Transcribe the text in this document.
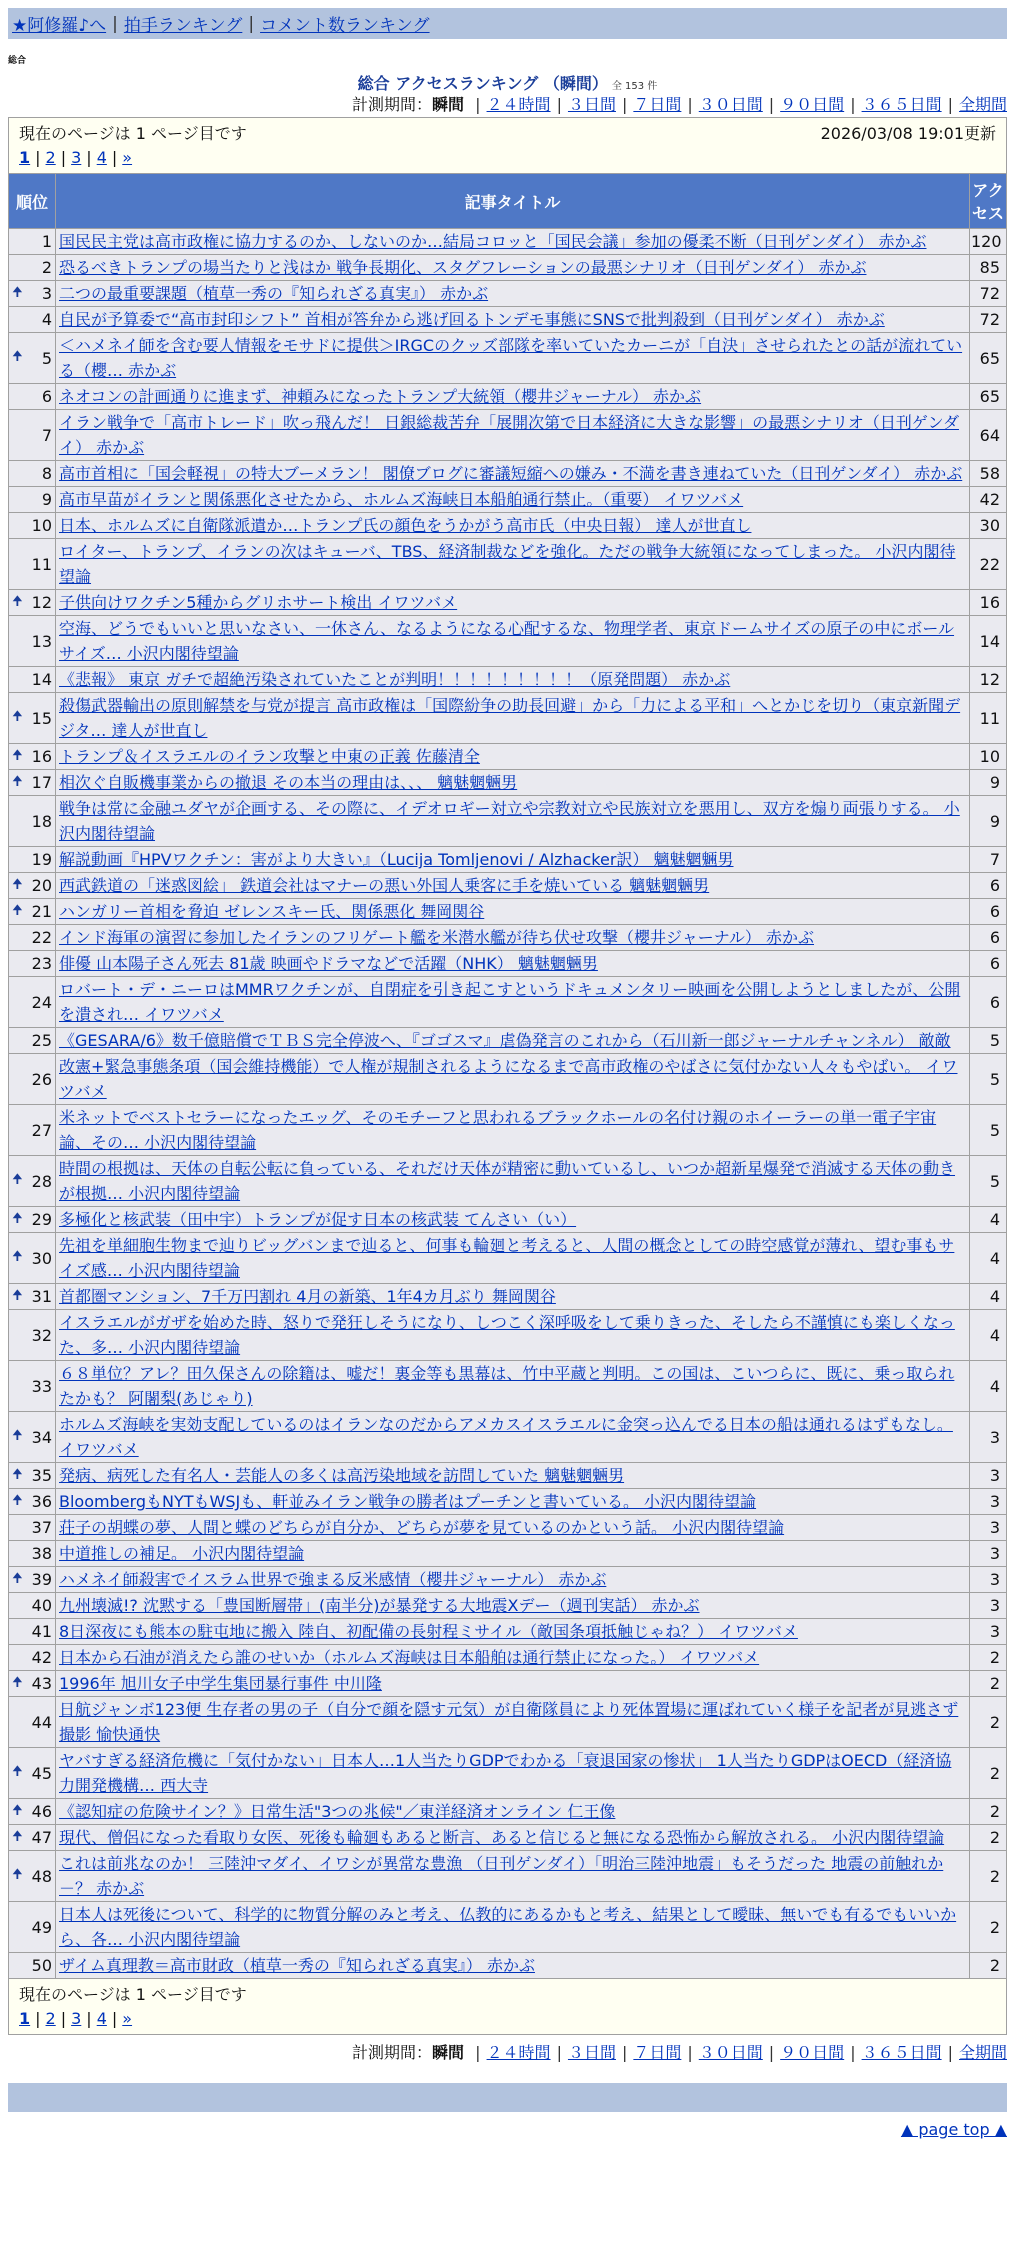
★阿修羅♪へ | 拍手ランキング | コメント数ランキング
総合
総合 アクセスランキング （瞬間） 全 153 件
計測期間：瞬間 | ２４時間 | ３日間 | ７日間 | ３０日間 | ９０日間 | ３６５日間 | 全期間
現在のページは 1 ページ目です 2026/03/08 19:01更新
1 | 2 | 3 | 4 | »		

順位	記事タイトル	アクセス
1	国民民主党は高市政権に協力するのか、しないのか…結局コロッと「国民会議」参加の優柔不断（日刊ゲンダイ） 赤かぶ	120
2	恐るべきトランプの場当たりと浅はか 戦争長期化、スタグフレーションの最悪シナリオ（日刊ゲンダイ） 赤かぶ	85

🠉 3	二つの最重要課題（植草一秀の『知られざる真実』） 赤かぶ	72
4	自民が予算委で“高市封印シフト” 首相が答弁から逃げ回るトンデモ事態にSNSで批判殺到（日刊ゲンダイ） 赤かぶ	72

🠉 5	＜ハメネイ師を含む要人情報をモサドに提供＞IRGCのクッズ部隊を率いていたカーニが「自決」させられたとの話が流れている（櫻… 赤かぶ	65
6	ネオコンの計画通りに進まず、神頼みになったトランプ大統領（櫻井ジャーナル） 赤かぶ	65
7	イラン戦争で「高市トレード」吹っ飛んだ！ 日銀総裁苦弁「展開次第で日本経済に大きな影響」の最悪シナリオ（日刊ゲンダイ） 赤かぶ	64
8	高市首相に「国会軽視」の特大ブーメラン！ 閣僚ブログに審議短縮への嫌み・不満を書き連ねていた（日刊ゲンダイ） 赤かぶ	58
9	高市早苗がイランと関係悪化させたから、ホルムズ海峡日本船舶通行禁止。（重要） イワツバメ	42
10	日本、ホルムズに自衛隊派遣か…トランプ氏の顔色をうかがう高市氏（中央日報） 達人が世直し	30
11	ロイター、トランプ、イランの次はキューバ、TBS、経済制裁などを強化。ただの戦争大統領になってしまった。 小沢内閣待望論	22

🠉 12	子供向けワクチン5種からグリホサート検出 イワツバメ	16
13	空海、どうでもいいと思いなさい、一休さん、なるようになる心配するな、物理学者、東京ドームサイズの原子の中にボールサイズ… 小沢内閣待望論	14
14	《悲報》 東京 ガチで超絶汚染されていたことが判明！！！！！！！！！（原発問題） 赤かぶ	12

🠉 15	殺傷武器輸出の原則解禁を与党が提言 高市政権は「国際紛争の助長回避」から「力による平和」へとかじを切り（東京新聞デジタ… 達人が世直し	11

🠉 16	トランプ＆イスラエルのイラン攻撃と中東の正義 佐藤清全	10

🠉 17	相次ぐ自販機事業からの撤退 その本当の理由は、、、 魑魅魍魎男	9
18	戦争は常に金融ユダヤが企画する、その際に、イデオロギー対立や宗教対立や民族対立を悪用し、双方を煽り両張りする。 小沢内閣待望論	9
19	解説動画『HPVワクチン：害がより大きい』（Lucija Tomljenovi / Alzhacker訳） 魑魅魍魎男	7

🠉 20	西武鉄道の「迷惑図絵」 鉄道会社はマナーの悪い外国人乗客に手を焼いている 魑魅魍魎男	6

🠉 21	ハンガリー首相を脅迫 ゼレンスキー氏、関係悪化 舞岡関谷	6
22	インド海軍の演習に参加したイランのフリゲート艦を米潜水艦が待ち伏せ攻撃（櫻井ジャーナル） 赤かぶ	6
23	俳優 山本陽子さん死去 81歳 映画やドラマなどで活躍（NHK） 魑魅魍魎男	6
24	ロバート・デ・ニーロはMMRワクチンが、自閉症を引き起こすというドキュメンタリー映画を公開しようとしましたが、公開を潰され… イワツバメ	6
25	《GESARA/6》数千億賠償でＴＢＳ完全停波へ、『ゴゴスマ』虐偽発言のこれから（石川新一郎ジャーナルチャンネル） 敵敵	5
26	改憲+緊急事態条項（国会維持機能）で人権が規制されるようになるまで高市政権のやばさに気付かない人々もやばい。 イワツバメ	5
27	米ネットでベストセラーになったエッグ、そのモチーフと思われるブラックホールの名付け親のホイーラーの単一電子宇宙論、その… 小沢内閣待望論	5

🠉 28	時間の根拠は、天体の自転公転に負っている、それだけ天体が精密に動いているし、いつか超新星爆発で消滅する天体の動きが根拠… 小沢内閣待望論	5

🠉 29	多極化と核武装（田中宇）トランプが促す日本の核武装 てんさい（い）	4

🠉 30	先祖を単細胞生物まで辿りビッグバンまで辿ると、何事も輪廻と考えると、人間の概念としての時空感覚が薄れ、望む事もサイズ感… 小沢内閣待望論	4

🠉 31	首都圏マンション、7千万円割れ 4月の新築、1年4カ月ぶり 舞岡関谷	4
32	イスラエルがガザを始めた時、怒りで発狂しそうになり、しつこく深呼吸をして乗りきった、そしたら不謹慎にも楽しくなった、多… 小沢内閣待望論	4
33	６８単位？アレ？田久保さんの除籍は、嘘だ！裏金等も黒幕は、竹中平蔵と判明。この国は、こいつらに、既に、乗っ取られたかも？ 阿闍梨(あじゃり)	4

🠉 34	ホルムズ海峡を実効支配しているのはイランなのだからアメカスイスラエルに金突っ込んでる日本の船は通れるはずもなし。 イワツバメ	3

🠉 35	発病、病死した有名人・芸能人の多くは高汚染地域を訪問していた 魑魅魍魎男	3

🠉 36	BloombergもNYTもWSJも、軒並みイラン戦争の勝者はプーチンと書いている。 小沢内閣待望論	3
37	荘子の胡蝶の夢、人間と蝶のどちらが自分か、どちらが夢を見ているのかという話。 小沢内閣待望論	3
38	中道推しの補足。 小沢内閣待望論	3

🠉 39	ハメネイ師殺害でイスラム世界で強まる反米感情（櫻井ジャーナル） 赤かぶ	3
40	九州壊滅!? 沈黙する「豊国断層帯」(南半分)が暴発する大地震Xデー（週刊実話） 赤かぶ	3
41	8日深夜にも熊本の駐屯地に搬入 陸自、初配備の長射程ミサイル（敵国条項抵触じゃね？） イワツバメ	3
42	日本から石油が消えたら誰のせいか（ホルムズ海峡は日本船舶は通行禁止になった。） イワツバメ	2

🠉 43	1996年 旭川女子中学生集団暴行事件 中川隆	2
44	日航ジャンボ123便 生存者の男の子（自分で顔を隠す元気）が自衛隊員により死体置場に運ばれていく様子を記者が見逃さず撮影 愉快通快	2

🠉 45	ヤバすぎる経済危機に「気付かない」日本人…1人当たりGDPでわかる「衰退国家の惨状」 1人当たりGDPはOECD（経済協力開発機構… 西大寺	2

🠉 46	《認知症の危険サイン？》日常生活"3つの兆候"／東洋経済オンライン 仁王像	2

🠉 47	現代、僧侶になった看取り女医、死後も輪廻もあると断言、あると信じると無になる恐怖から解放される。 小沢内閣待望論	2

🠉 48	これは前兆なのか！ 三陸沖マダイ、イワシが異常な豊漁 （日刊ゲンダイ）「明治三陸沖地震」もそうだった 地震の前触れか－？ 赤かぶ	2
49	日本人は死後について、科学的に物質分解のみと考え、仏教的にあるかもと考え、結果として曖昧、無いでも有るでもいいから、各… 小沢内閣待望論	2
50	ザイム真理教＝高市財政（植草一秀の『知られざる真実』） 赤かぶ	2

現在のページは 1 ページ目です
1 | 2 | 3 | 4 | »		
計測期間：瞬間 | ２４時間 | ３日間 | ７日間 | ３０日間 | ９０日間 | ３６５日間 | 全期間
▲ page top ▲
